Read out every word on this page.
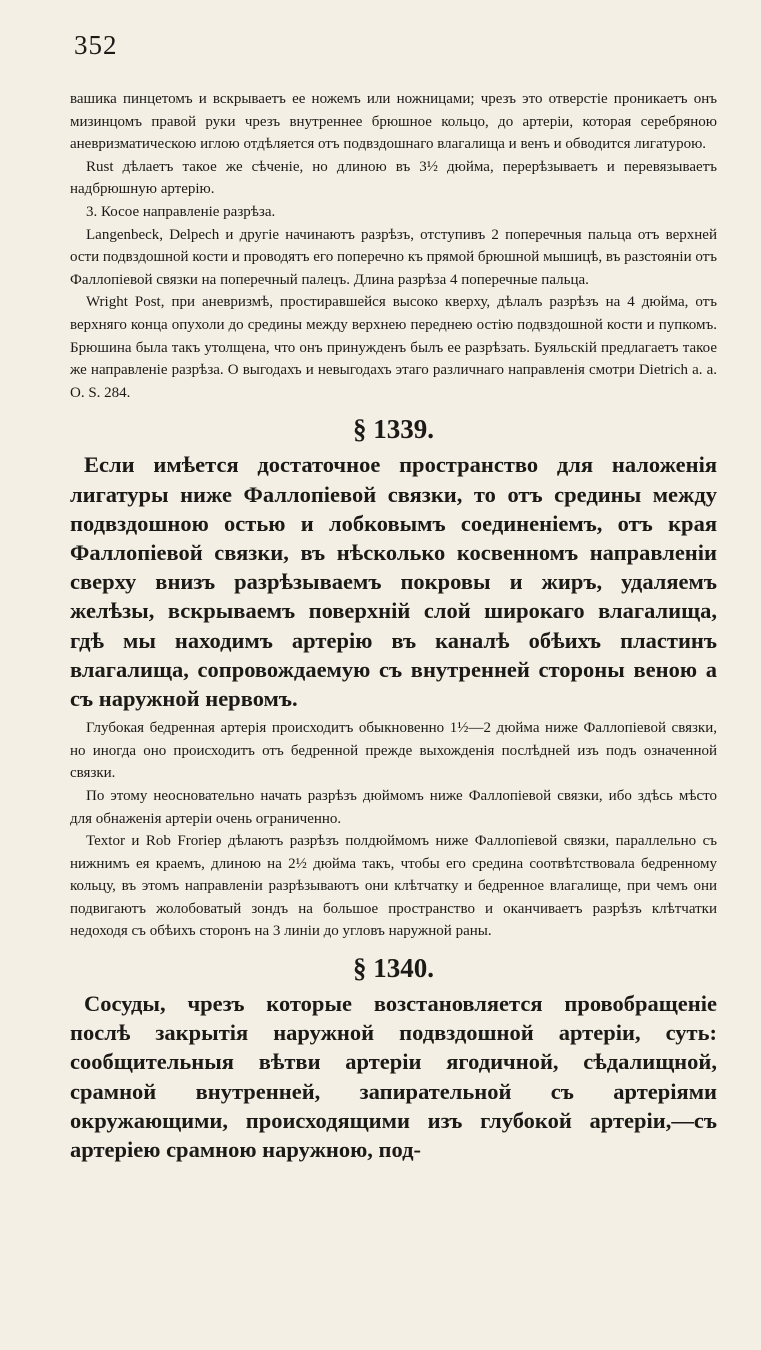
352

вашика пинцетомъ и вскрываетъ ее ножемъ или ножницами; чрезъ это отверстіе проникаетъ онъ мизинцомъ правой руки чрезъ внутреннее брюшное кольцо, до артеріи, которая серебряною аневризматическою иглою отдѣляется отъ подвздошнаго влагалища и венъ и обводится лигатурою.

Rust дѣлаетъ такое же сѣченіе, но длиною въ 3½ дюйма, перерѣзываетъ и перевязываетъ надбрюшную артерію.

3. Косое направленіе разрѣза.

Langenbeck, Delpech и другіе начинаютъ разрѣзъ, отступивъ 2 поперечныя пальца отъ верхней ости подвздошной кости и проводятъ его поперечно къ прямой брюшной мышицѣ, въ разстояніи отъ Фаллопіевой связки на поперечный палецъ. Длина разрѣза 4 поперечные пальца.

Wright Post, при аневризмѣ, простиравшейся высоко кверху, дѣлалъ разрѣзъ на 4 дюйма, отъ верхняго конца опухоли до средины между верхнею переднею остію подвздошной кости и пупкомъ. Брюшина была такъ утолщена, что онъ принужденъ былъ ее разрѣзать. Буяльскій предлагаетъ такое же направленіе разрѣза. О выгодахъ и невыгодахъ этаго различнаго направленія смотри Dietrich а. а. О. S. 284.

§ 1339.

Если имѣется достаточное пространство для наложенія лигатуры ниже Фаллопіевой связки, то отъ средины между подвздошною остью и лобковымъ соединеніемъ, отъ края Фаллопіевой связки, въ нѣсколько косвенномъ направленіи сверху внизъ разрѣзываемъ покровы и жиръ, удаляемъ желѣзы, вскрываемъ поверхній слой широкаго влагалища, гдѣ мы находимъ артерію въ каналѣ обѣихъ пластинъ влагалища, сопровождаемую съ внутренней стороны веною а съ наружной нервомъ.

Глубокая бедренная артерія происходитъ обыкновенно 1½—2 дюйма ниже Фаллопіевой связки, но иногда оно происходитъ отъ бедренной прежде выхожденія послѣдней изъ подъ означенной связки.

По этому неосновательно начать разрѣзъ дюймомъ ниже Фаллопіевой связки, ибо здѣсь мѣсто для обнаженія артеріи очень ограниченно.

Textor и Rob Froriep дѣлаютъ разрѣзъ полдюймомъ ниже Фаллопіевой связки, параллельно съ нижнимъ ея краемъ, длиною на 2½ дюйма такъ, чтобы его средина соотвѣтствовала бедренному кольцу, въ этомъ направленіи разрѣзываютъ они клѣтчатку и бедренное влагалище, при чемъ они подвигаютъ жолобоватый зондъ на большое пространство и оканчиваетъ разрѣзъ клѣтчатки недоходя съ обѣихъ сторонъ на 3 линіи до угловъ наружной раны.

§ 1340.

Сосуды, чрезъ которые возстановляется провобращеніе послѣ закрытія наружной подвздошной артеріи, суть: сообщительныя вѣтви артеріи ягодичной, сѣдалищной, срамной внутренней, запирательной съ артеріями окружающими, происходящими изъ глубокой артеріи,—съ артеріею срамною наружною, под-
